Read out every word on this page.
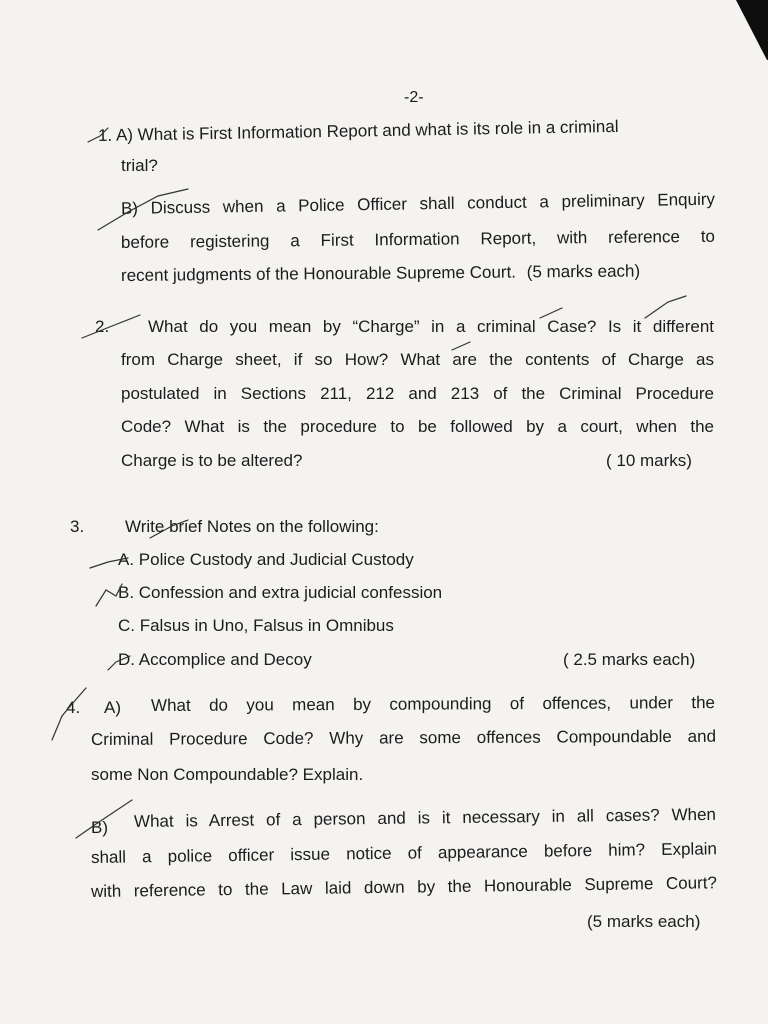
-2-
1. A) What is First Information Report and what is its role in a criminal
trial?
B) Discuss when a Police Officer shall conduct a preliminary Enquiry
before registering a First Information Report, with reference to
recent judgments of the Honourable Supreme Court. (5 marks each)
2. What do you mean by “Charge” in a criminal Case? Is it different
from Charge sheet, if so How? What are the contents of Charge as
postulated in Sections 211, 212 and 213 of the Criminal Procedure
Code? What is the procedure to be followed by a court, when the
Charge is to be altered?	( 10 marks)
3. Write brief Notes on the following:
A. Police Custody and Judicial Custody
B. Confession and extra judicial confession
C. Falsus in Uno, Falsus in Omnibus
D. Accomplice and Decoy	( 2.5 marks each)
4. A) What do you mean by compounding of offences, under the
Criminal Procedure Code? Why are some offences Compoundable and
some Non Compoundable? Explain.
B) What is Arrest of a person and is it necessary in all cases? When
shall a police officer issue notice of appearance before him? Explain
with reference to the Law laid down by the Honourable Supreme Court?
(5 marks each)
